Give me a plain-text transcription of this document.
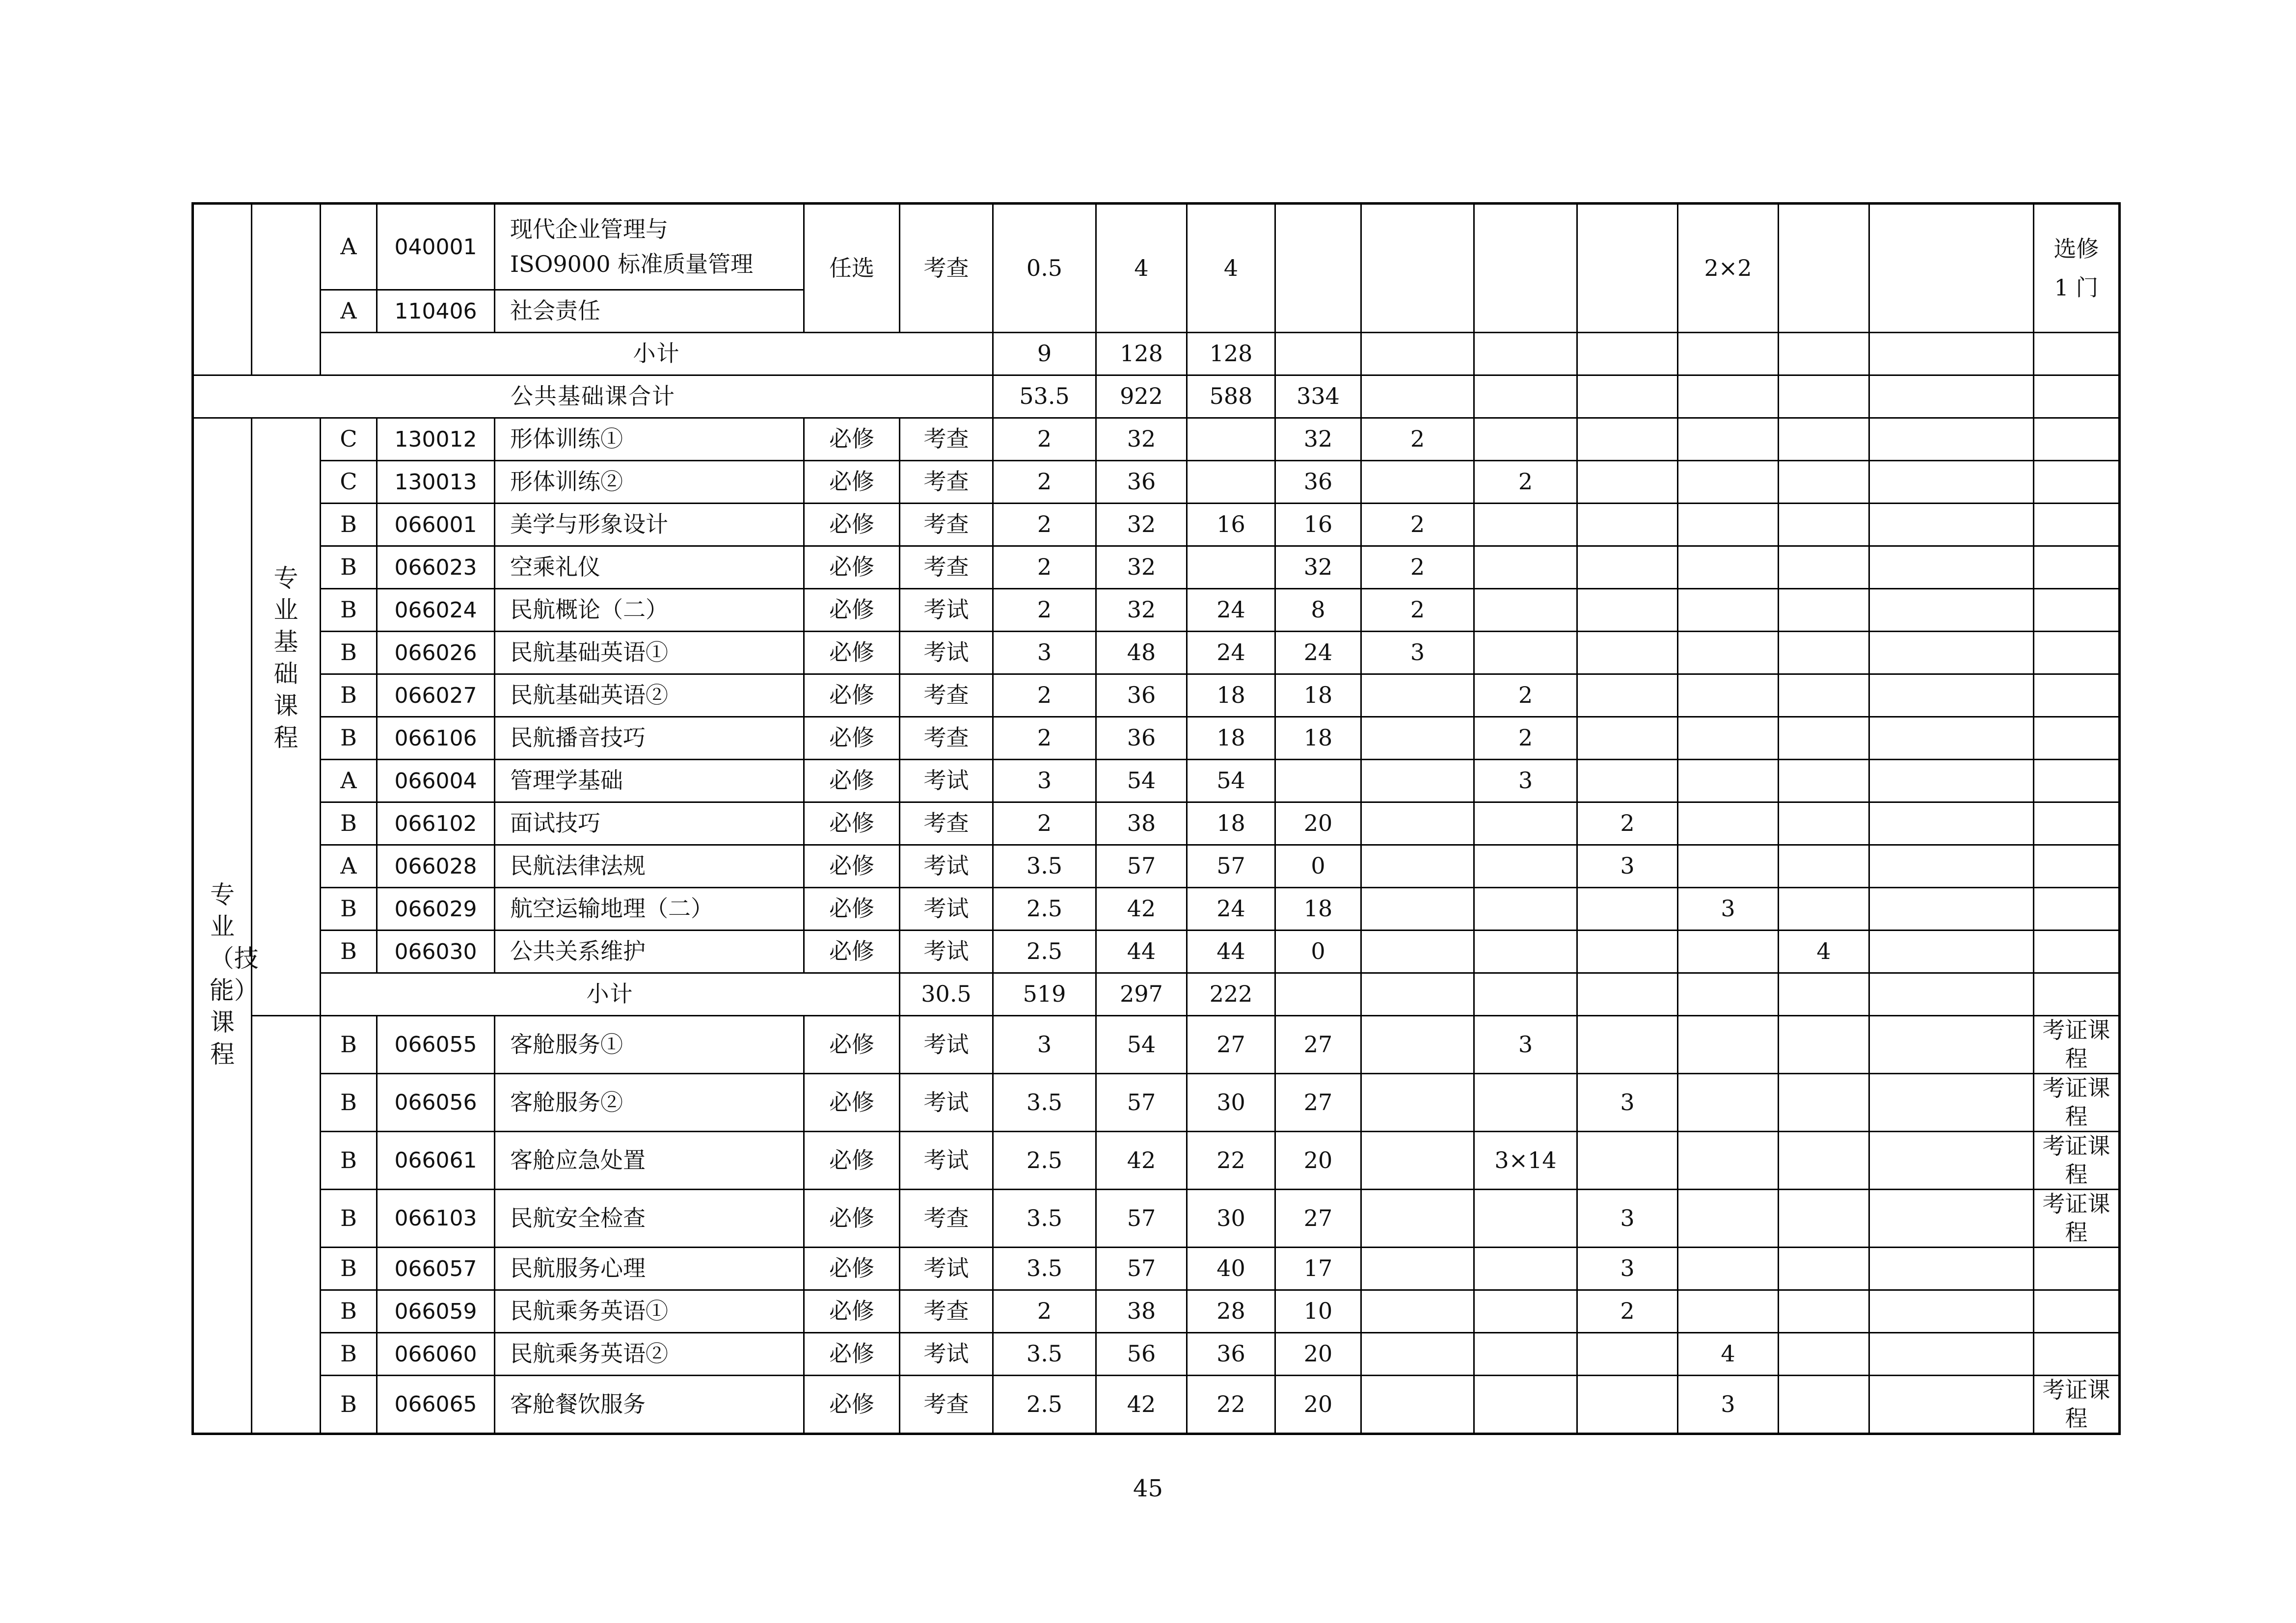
		A	040001	现代企业管理与
ISO9000 标准质量管理	任选	考查	0.5	4	4					2×2			选修
1 门
		A	110406	社会责任													
		小计					9	128	128								
公共基础课合计							53.5	922	588	334							
专业（技能）课程	专业基础课程	C	130012	形体训练①	必修	考查	2	32		32	2						
		C	130013	形体训练②	必修	考查	2	36		36		2					
		B	066001	美学与形象设计	必修	考查	2	32	16	16	2						
		B	066023	空乘礼仪	必修	考查	2	32		32	2						
		B	066024	民航概论（二）	必修	考试	2	32	24	8	2						
		B	066026	民航基础英语①	必修	考试	3	48	24	24	3						
		B	066027	民航基础英语②	必修	考查	2	36	18	18		2					
		B	066106	民航播音技巧	必修	考查	2	36	18	18		2					
		A	066004	管理学基础	必修	考试	3	54	54			3					
		B	066102	面试技巧	必修	考查	2	38	18	20			2				
		A	066028	民航法律法规	必修	考试	3.5	57	57	0			3				
		B	066029	航空运输地理（二）	必修	考试	2.5	42	24	18				3			
		B	066030	公共关系维护	必修	考试	2.5	44	44	0					4		
		小计				30.5	519	297	222								
		B	066055	客舱服务①	必修	考试	3	54	27	27		3					考证课程
		B	066056	客舱服务②	必修	考试	3.5	57	30	27			3				考证课程
		B	066061	客舱应急处置	必修	考试	2.5	42	22	20		3×14					考证课程
		B	066103	民航安全检查	必修	考查	3.5	57	30	27			3				考证课程
		B	066057	民航服务心理	必修	考试	3.5	57	40	17			3				
		B	066059	民航乘务英语①	必修	考查	2	38	28	10			2				
		B	066060	民航乘务英语②	必修	考试	3.5	56	36	20				4			
		B	066065	客舱餐饮服务	必修	考查	2.5	42	22	20				3			考证课程
45
